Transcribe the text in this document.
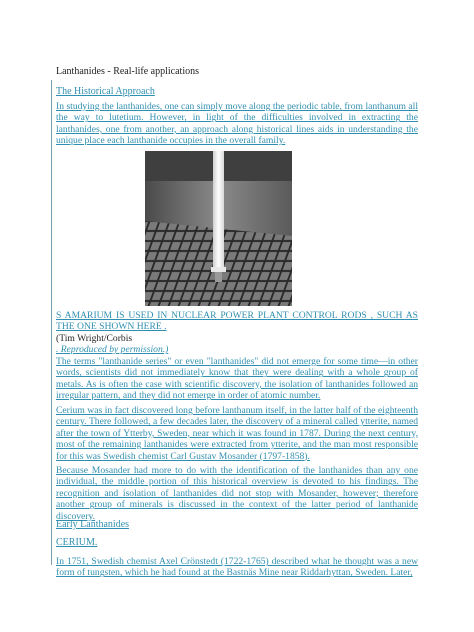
Lanthanides - Real-life applications
The Historical Approach
In studying the lanthanides, one can simply move along the periodic table, from lanthanum all the way to lutetium. However, in light of the difficulties involved in extracting the lanthanides, one from another, an approach along historical lines aids in understanding the unique place each lanthanide occupies in the overall family.
S AMARIUM IS USED IN NUCLEAR POWER PLANT CONTROL RODS , SUCH AS THE ONE SHOWN HERE .
(Tim Wright/Corbis
. Reproduced by permission.)
The terms "lanthanide series" or even "lanthanides" did not emerge for some time—in other words, scientists did not immediately know that they were dealing with a whole group of metals. As is often the case with scientific discovery, the isolation of lanthanides followed an irregular pattern, and they did not emerge in order of atomic number.
Cerium was in fact discovered long before lanthanum itself, in the latter half of the eighteenth century. There followed, a few decades later, the discovery of a mineral called ytterite, named after the town of Ytterby, Sweden, near which it was found in 1787. During the next century, most of the remaining lanthanides were extracted from ytterite, and the man most responsible for this was Swedish chemist Carl Gustav Mosander (1797-1858).
Because Mosander had more to do with the identification of the lanthanides than any one individual, the middle portion of this historical overview is devoted to his findings. The recognition and isolation of lanthanides did not stop with Mosander, however; therefore another group of minerals is discussed in the context of the latter period of lanthanide discovery.
Early Lanthanides
CERIUM.
In 1751, Swedish chemist Axel Crönstedt (1722-1765) described what he thought was a new form of tungsten, which he had found at the Bastnäs Mine near Riddarhyttan, Sweden. Later,
